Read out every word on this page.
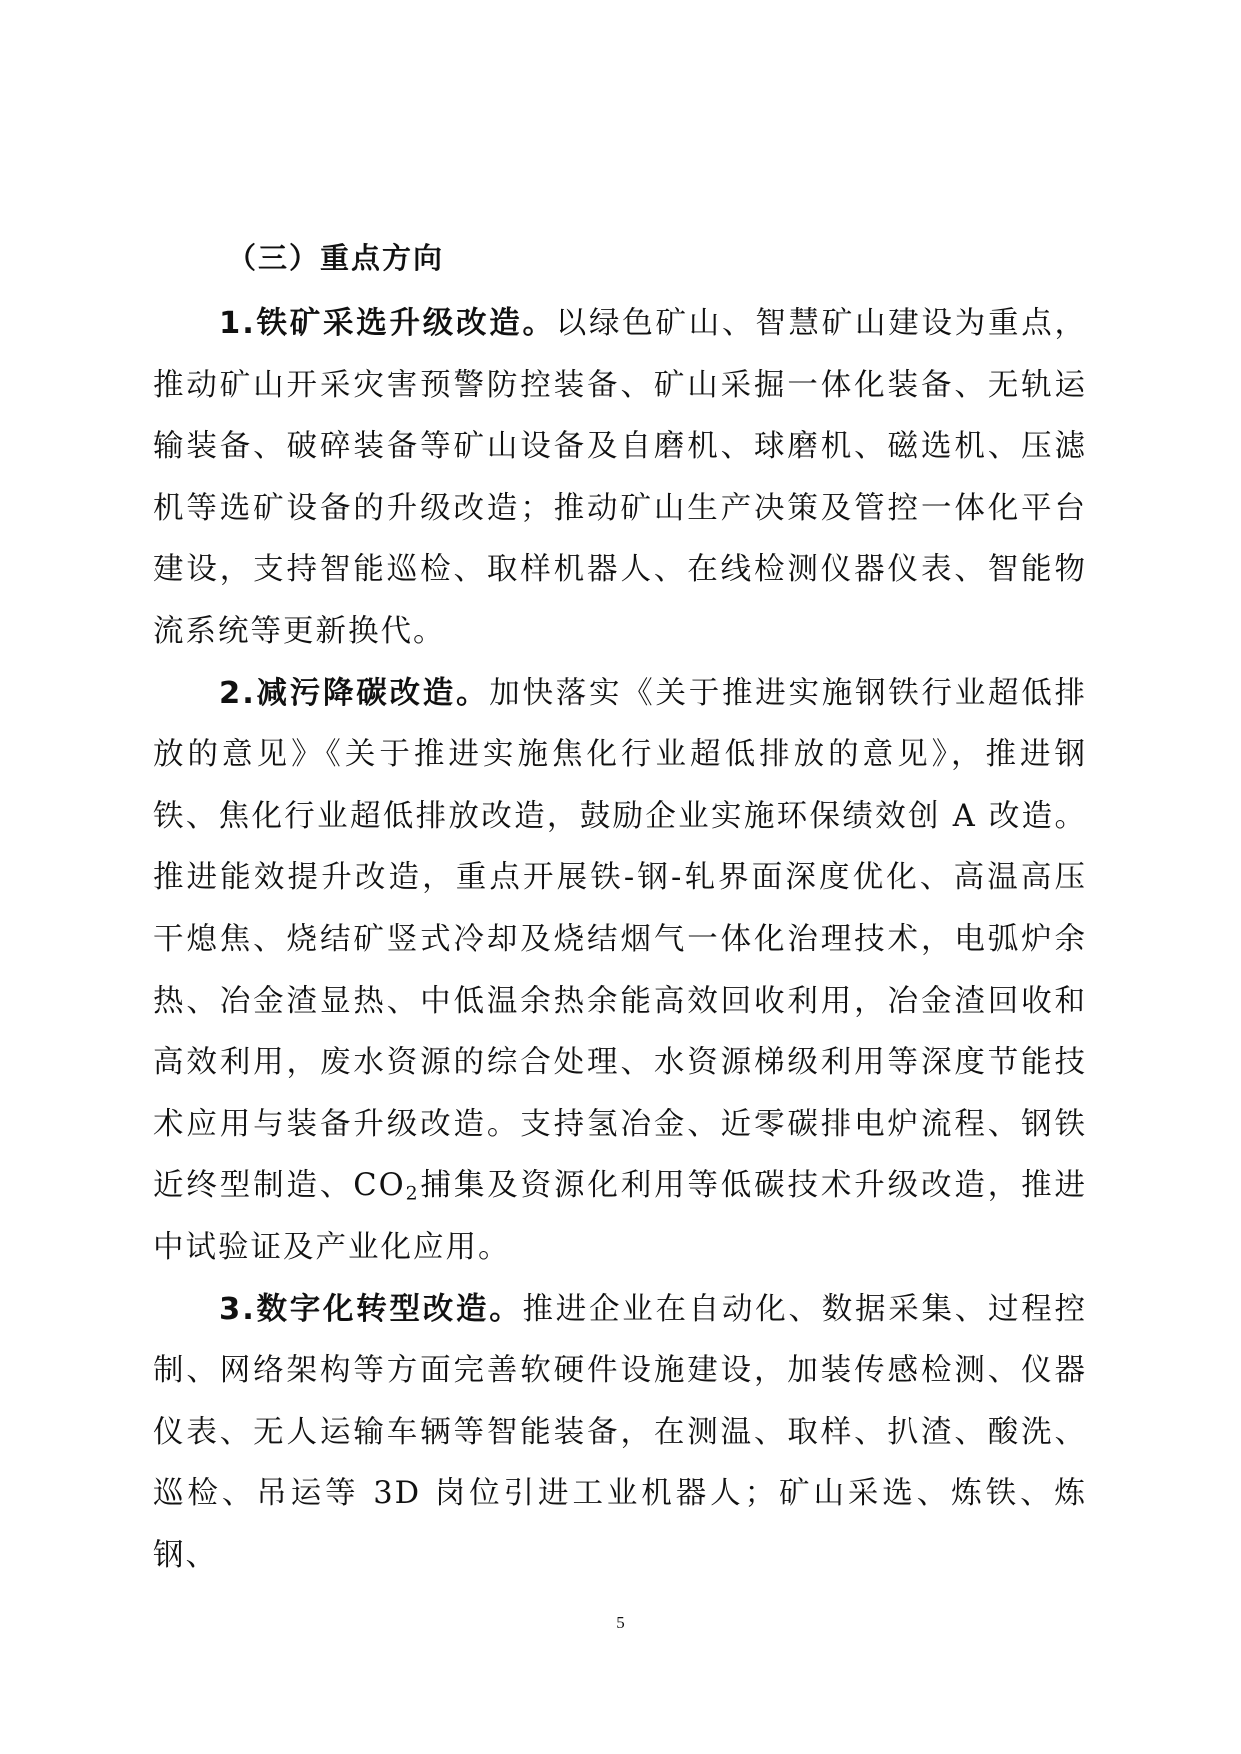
（三）重点方向

1.铁矿采选升级改造。以绿色矿山、智慧矿山建设为重点，推动矿山开采灾害预警防控装备、矿山采掘一体化装备、无轨运输装备、破碎装备等矿山设备及自磨机、球磨机、磁选机、压滤机等选矿设备的升级改造；推动矿山生产决策及管控一体化平台建设，支持智能巡检、取样机器人、在线检测仪器仪表、智能物流系统等更新换代。

2.减污降碳改造。加快落实《关于推进实施钢铁行业超低排放的意见》《关于推进实施焦化行业超低排放的意见》，推进钢铁、焦化行业超低排放改造，鼓励企业实施环保绩效创 A 改造。推进能效提升改造，重点开展铁-钢-轧界面深度优化、高温高压干熄焦、烧结矿竖式冷却及烧结烟气一体化治理技术，电弧炉余热、冶金渣显热、中低温余热余能高效回收利用，冶金渣回收和高效利用，废水资源的综合处理、水资源梯级利用等深度节能技术应用与装备升级改造。支持氢冶金、近零碳排电炉流程、钢铁近终型制造、$CO_2$捕集及资源化利用等低碳技术升级改造，推进中试验证及产业化应用。

3.数字化转型改造。推进企业在自动化、数据采集、过程控制、网络架构等方面完善软硬件设施建设，加装传感检测、仪器仪表、无人运输车辆等智能装备，在测温、取样、扒渣、酸洗、巡检、吊运等 3D 岗位引进工业机器人；矿山采选、炼铁、炼钢、

5
